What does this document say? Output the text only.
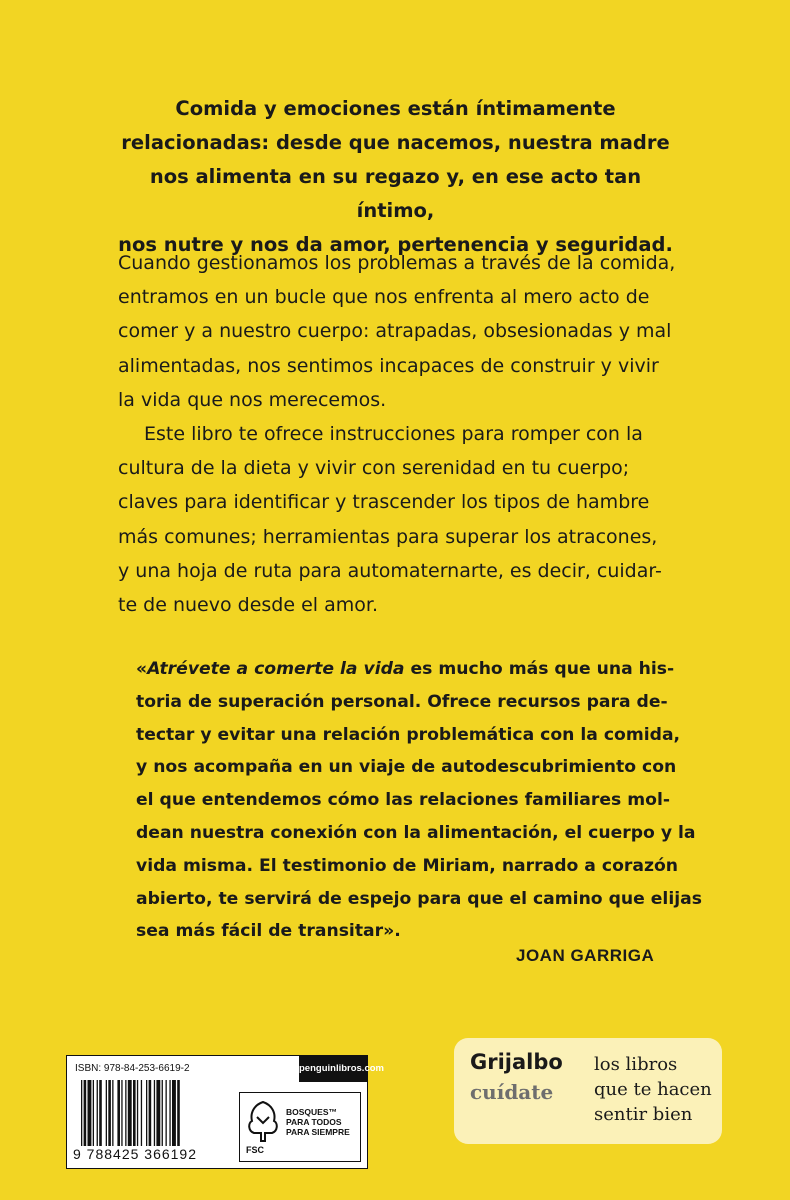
Comida y emociones están íntimamente
relacionadas: desde que nacemos, nuestra madre
nos alimenta en su regazo y, en ese acto tan íntimo,
nos nutre y nos da amor, pertenencia y seguridad.

Cuando gestionamos los problemas a través de la comida,
entramos en un bucle que nos enfrenta al mero acto de
comer y a nuestro cuerpo: atrapadas, obsesionadas y mal
alimentadas, nos sentimos incapaces de construir y vivir
la vida que nos merecemos.
Este libro te ofrece instrucciones para romper con la
cultura de la dieta y vivir con serenidad en tu cuerpo;
claves para identificar y trascender los tipos de hambre
más comunes; herramientas para superar los atracones,
y una hoja de ruta para automaternarte, es decir, cuidar-
te de nuevo desde el amor.

«Atrévete a comerte la vida es mucho más que una his-
toria de superación personal. Ofrece recursos para de-
tectar y evitar una relación problemática con la comida,
y nos acompaña en un viaje de autodescubrimiento con
el que entendemos cómo las relaciones familiares mol-
dean nuestra conexión con la alimentación, el cuerpo y la
vida misma. El testimonio de Miriam, narrado a corazón
abierto, te servirá de espejo para que el camino que elijas
sea más fácil de transitar».

JOAN GARRIGA
ISBN: 978-84-253-6619-2	penguinlibros.com
9 788425 366192
BOSQUES™
PARA TODOS
PARA SIEMPRE
FSC
Grijalbo
cuídate
los libros
que te hacen
sentir bien
